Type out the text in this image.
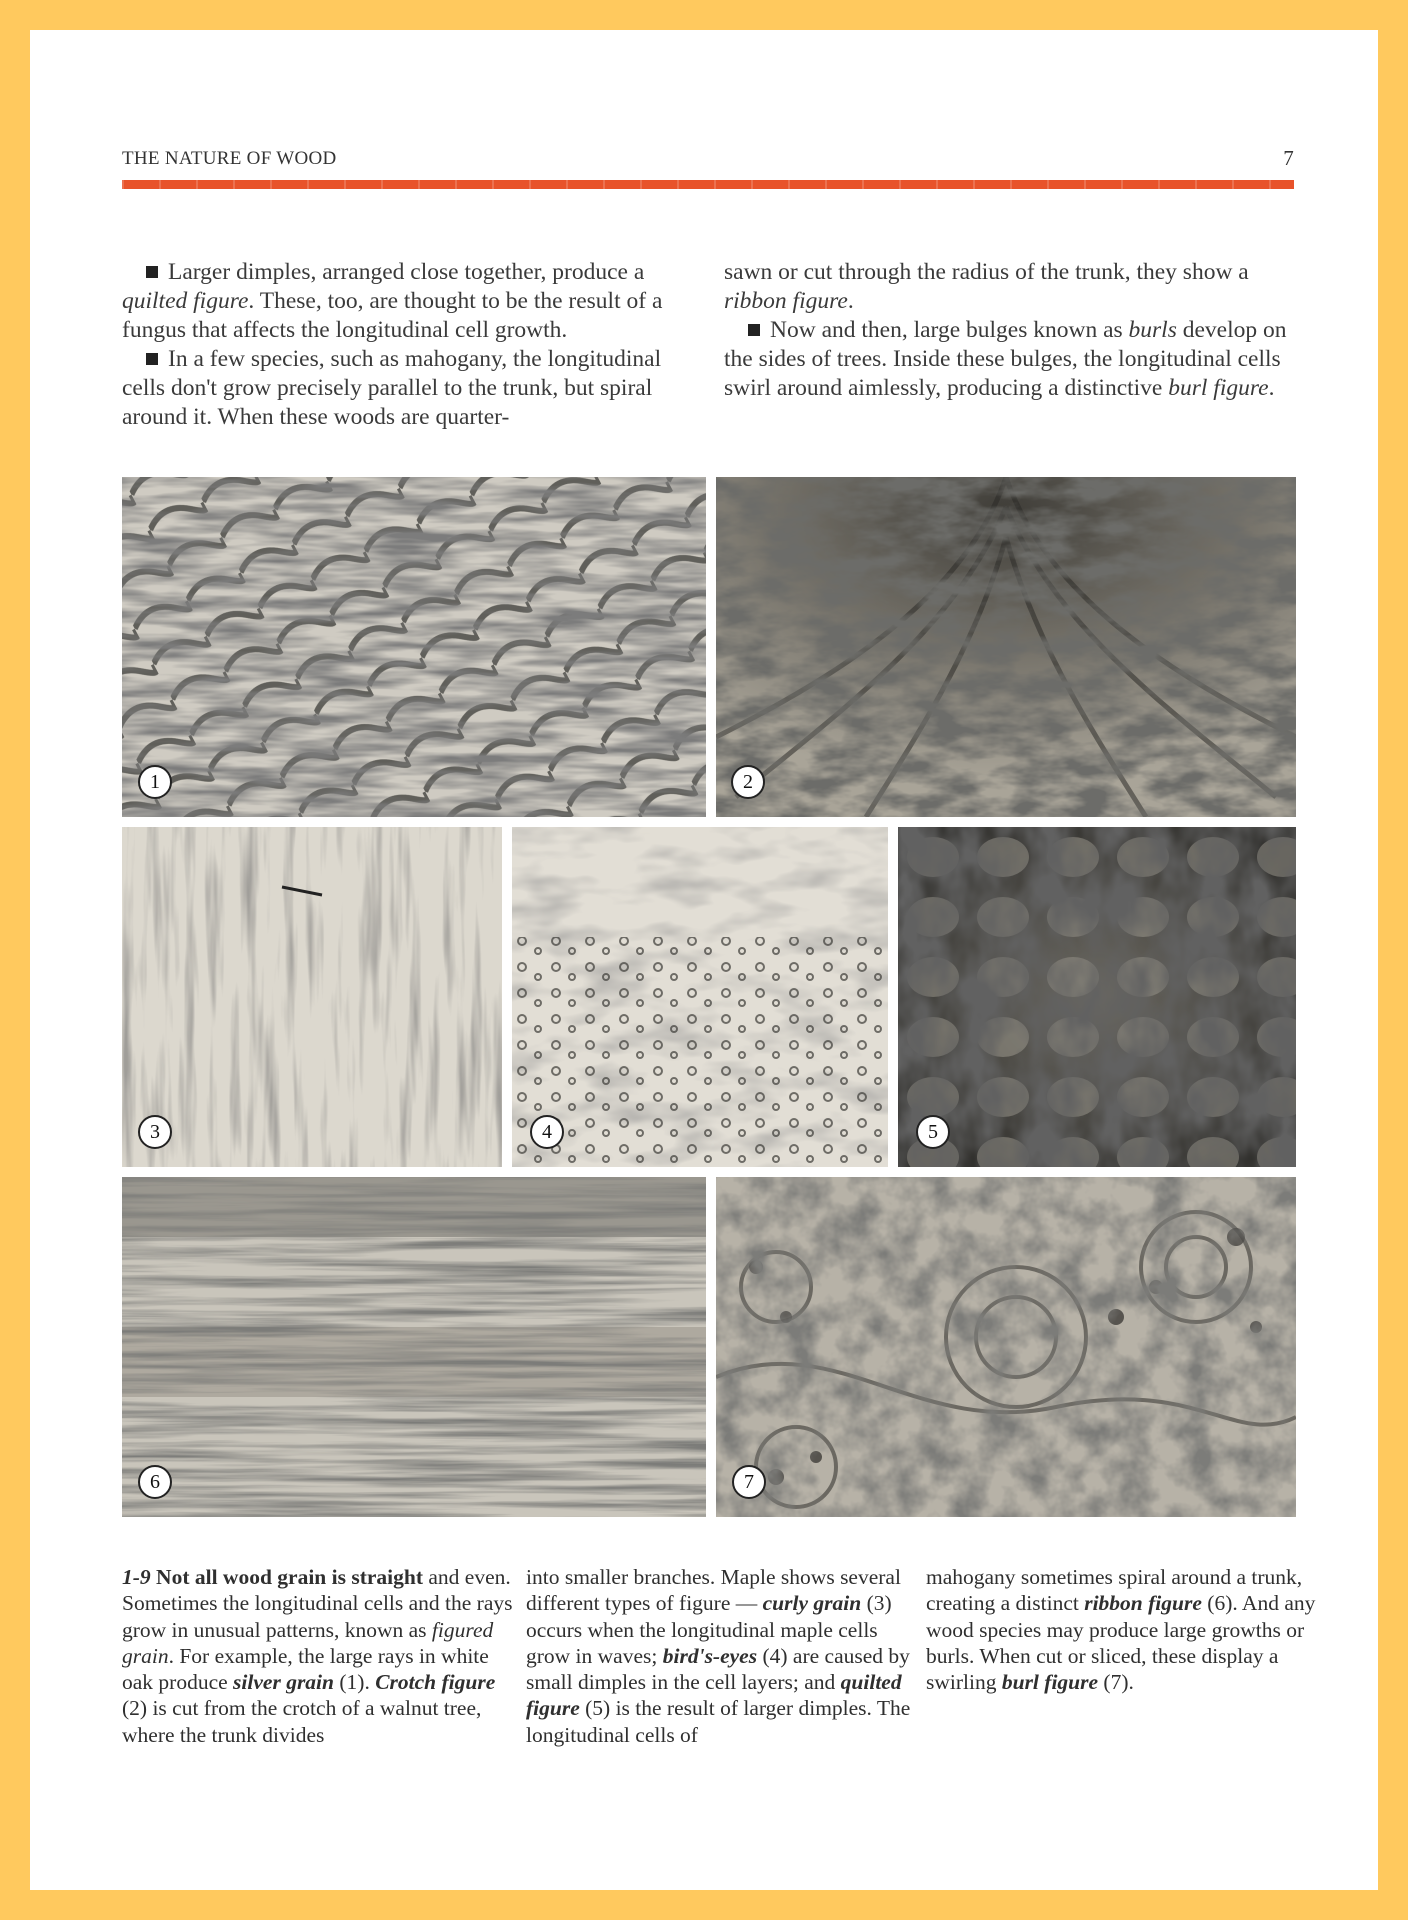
THE NATURE OF WOOD	7

Larger dimples, arranged close together, produce a quilted figure. These, too, are thought to be the result of a fungus that affects the longitudinal cell growth.

In a few species, such as mahogany, the longitudinal cells don't grow precisely parallel to the trunk, but spiral around it. When these woods are quarter-

sawn or cut through the radius of the trunk, they show a ribbon figure.

Now and then, large bulges known as burls develop on the sides of trees. Inside these bulges, the longitudinal cells swirl around aimlessly, producing a distinctive burl figure.

1	2
3	4	5
6	7
1-9 Not all wood grain is straight and even. Sometimes the longitudinal cells and the rays grow in unusual patterns, known as figured grain. For example, the large rays in white oak produce silver grain (1). Crotch figure (2) is cut from the crotch of a walnut tree, where the trunk divides
into smaller branches. Maple shows several different types of figure — curly grain (3) occurs when the longitudinal maple cells grow in waves; bird's-eyes (4) are caused by small dimples in the cell layers; and quilted figure (5) is the result of larger dimples. The longitudinal cells of
mahogany sometimes spiral around a trunk, creating a distinct ribbon figure (6). And any wood species may produce large growths or burls. When cut or sliced, these display a swirling burl figure (7).
